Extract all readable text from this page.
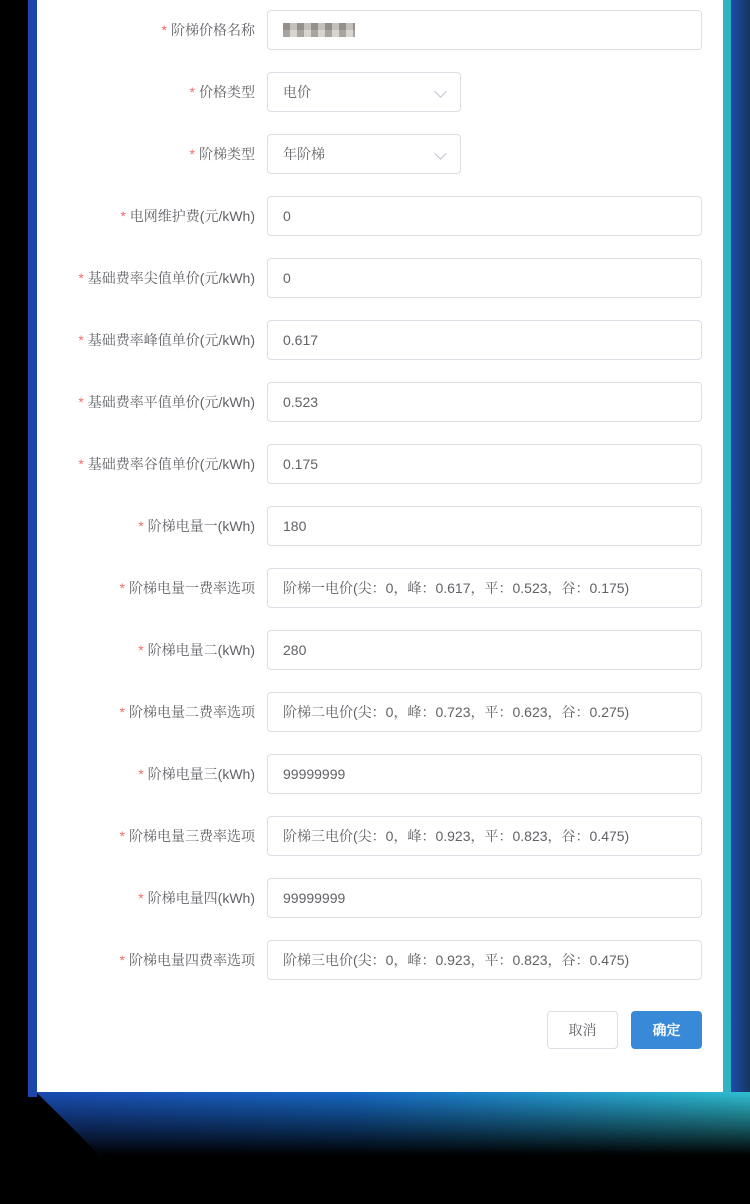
* 阶梯价格名称
* 价格类型 电价
* 阶梯类型 年阶梯
* 电网维护费(元/kWh)
0
* 基础费率尖值单价(元/kWh)
0
* 基础费率峰值单价(元/kWh)
0.617
* 基础费率平值单价(元/kWh)
0.523
* 基础费率谷值单价(元/kWh)
0.175
* 阶梯电量一(kWh)
180
* 阶梯电量一费率选项
阶梯一电价(尖：0，峰：0.617，平：0.523，谷：0.175)
* 阶梯电量二(kWh)
280
* 阶梯电量二费率选项
阶梯二电价(尖：0，峰：0.723，平：0.623，谷：0.275)
* 阶梯电量三(kWh)
99999999
* 阶梯电量三费率选项
阶梯三电价(尖：0，峰：0.923，平：0.823，谷：0.475)
* 阶梯电量四(kWh)
99999999
* 阶梯电量四费率选项
阶梯三电价(尖：0，峰：0.923，平：0.823，谷：0.475)
取消	确定
